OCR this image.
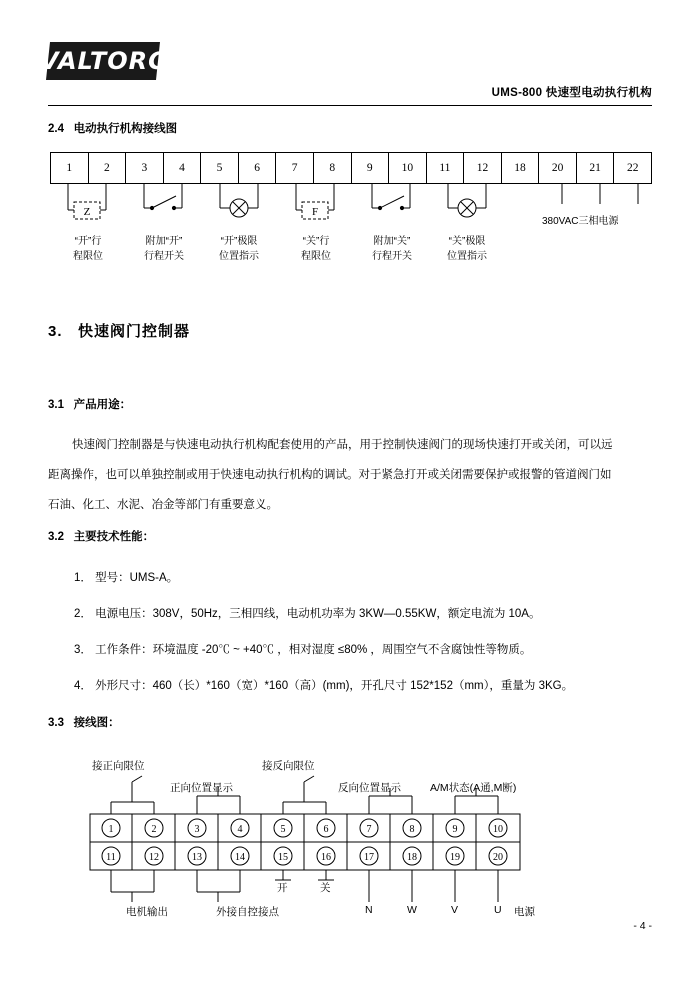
VALTORC
UMS-800 快速型电动执行机构
2.4 电动执行机构接线图
1	2	3	4	5	6	7	8	9	10	11	12	18	20	21	22
Z	F
“开”行
程限位
附加“开”
行程开关
“开”极限
位置指示
“关”行
程限位
附加“关”
行程开关
“关”极限
位置指示
380VAC三相电源
3. 快速阀门控制器
3.1 产品用途：
快速阀门控制器是与快速电动执行机构配套使用的产品，用于控制快速阀门的现场快速打开或关闭，可以远
距离操作，也可以单独控制或用于快速电动执行机构的调试。对于紧急打开或关闭需要保护或报警的管道阀门如
石油、化工、水泥、冶金等部门有重要意义。
3.2 主要技术性能：
1． 型号：UMS-A。
2． 电源电压：308V，50Hz，三相四线，电动机功率为 3KW—0.55KW，额定电流为 10A。
3． 工作条件：环境温度 -20℃ ~ +40℃ ，相对湿度 ≤80% ，周围空气不含腐蚀性等物质。
4． 外形尺寸：460（长）*160（宽）*160（高）(mm)，开孔尺寸 152*152（mm），重量为 3KG。
3.3 接线图：
1	2	3	4	5	6	7	8	9	10
11	12	13	14	15	16	17	18	19	20
接正向限位	接反向限位
正向位置显示	反向位置显示	A/M状态(A通,M断)
电机输出	外接自控接点
开	关
N	W	V	U 电源
- 4 -
